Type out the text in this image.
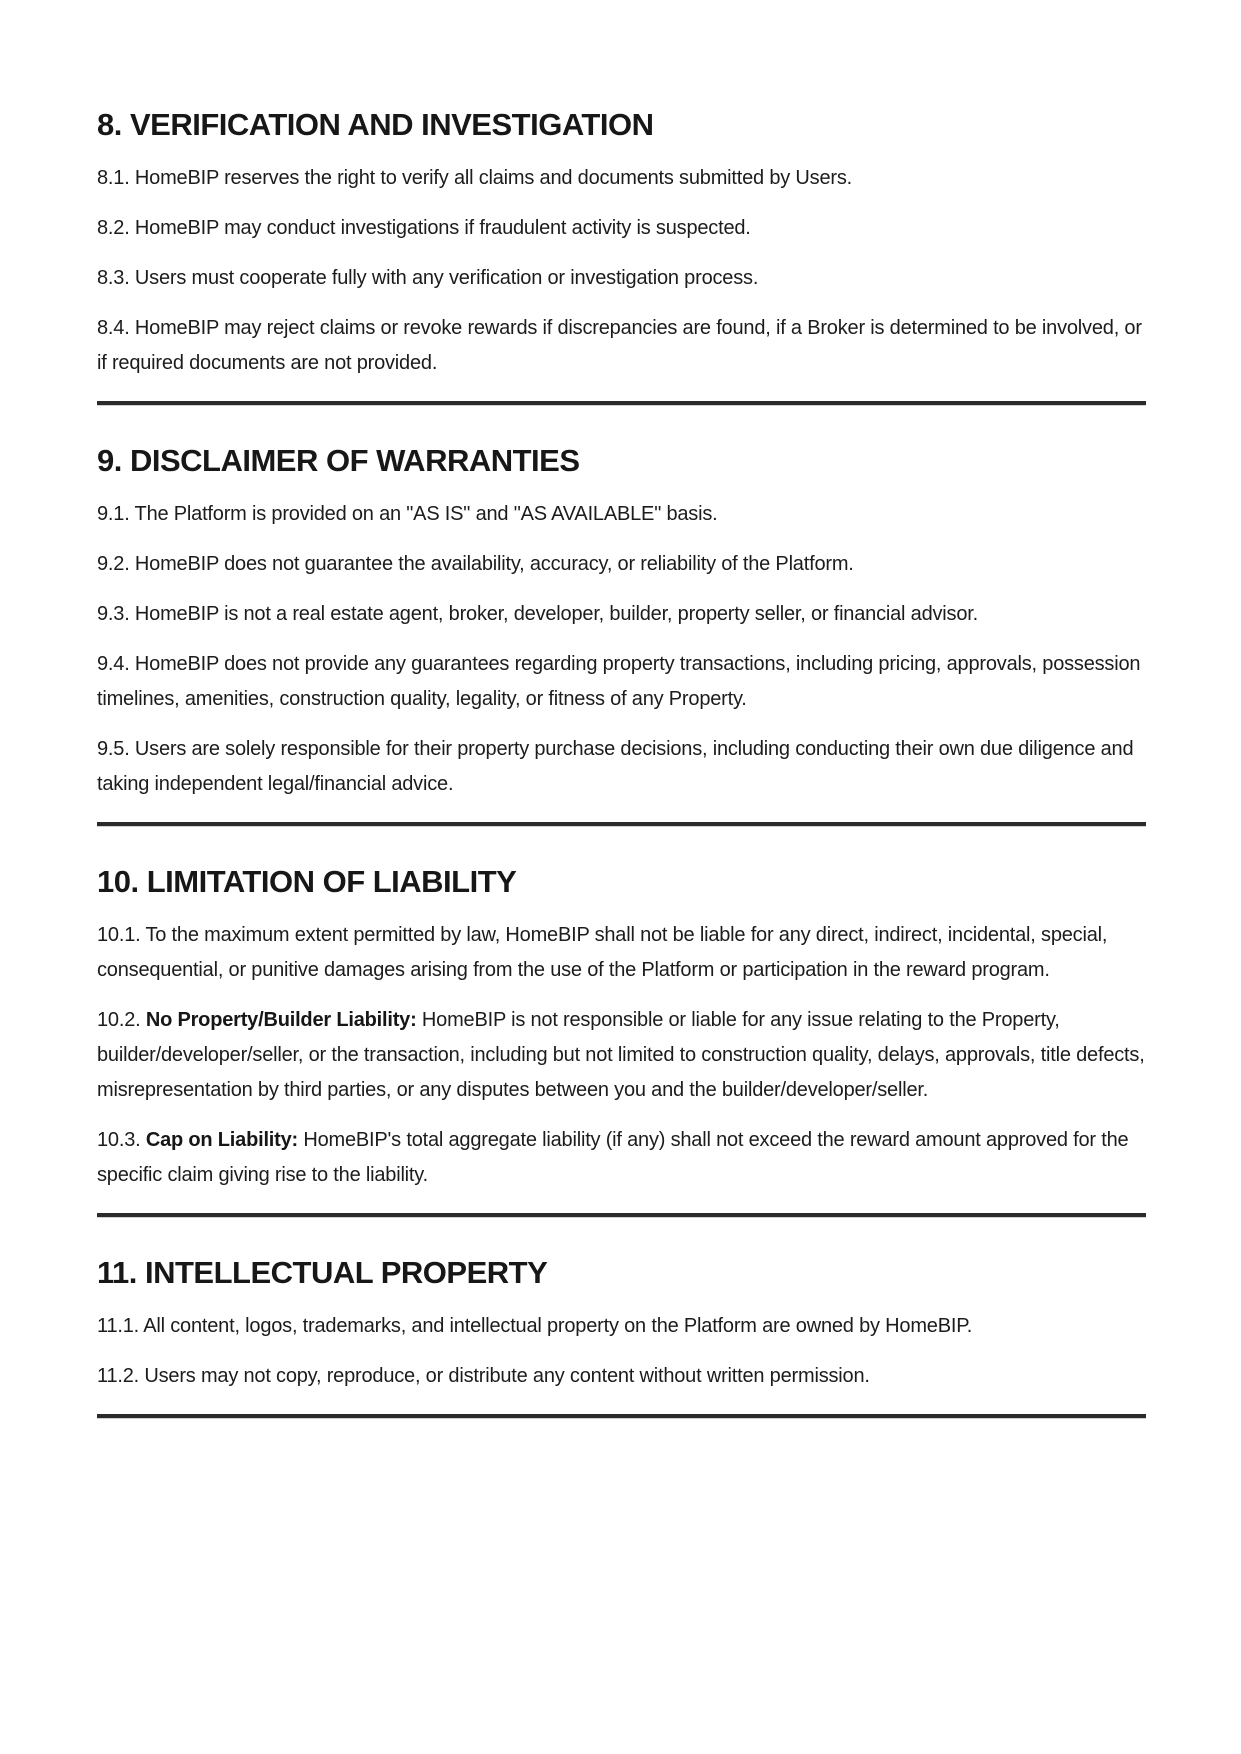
8. VERIFICATION AND INVESTIGATION

8.1. HomeBIP reserves the right to verify all claims and documents submitted by Users.

8.2. HomeBIP may conduct investigations if fraudulent activity is suspected.

8.3. Users must cooperate fully with any verification or investigation process.

8.4. HomeBIP may reject claims or revoke rewards if discrepancies are found, if a Broker is determined to be involved, or if required documents are not provided.

9. DISCLAIMER OF WARRANTIES

9.1. The Platform is provided on an "AS IS" and "AS AVAILABLE" basis.

9.2. HomeBIP does not guarantee the availability, accuracy, or reliability of the Platform.

9.3. HomeBIP is not a real estate agent, broker, developer, builder, property seller, or financial advisor.

9.4. HomeBIP does not provide any guarantees regarding property transactions, including pricing, approvals, possession timelines, amenities, construction quality, legality, or fitness of any Property.

9.5. Users are solely responsible for their property purchase decisions, including conducting their own due diligence and taking independent legal/financial advice.

10. LIMITATION OF LIABILITY

10.1. To the maximum extent permitted by law, HomeBIP shall not be liable for any direct, indirect, incidental, special, consequential, or punitive damages arising from the use of the Platform or participation in the reward program.

10.2. No Property/Builder Liability: HomeBIP is not responsible or liable for any issue relating to the Property, builder/developer/seller, or the transaction, including but not limited to construction quality, delays, approvals, title defects, misrepresentation by third parties, or any disputes between you and the builder/developer/seller.

10.3. Cap on Liability: HomeBIP's total aggregate liability (if any) shall not exceed the reward amount approved for the specific claim giving rise to the liability.

11. INTELLECTUAL PROPERTY

11.1. All content, logos, trademarks, and intellectual property on the Platform are owned by HomeBIP.

11.2. Users may not copy, reproduce, or distribute any content without written permission.
